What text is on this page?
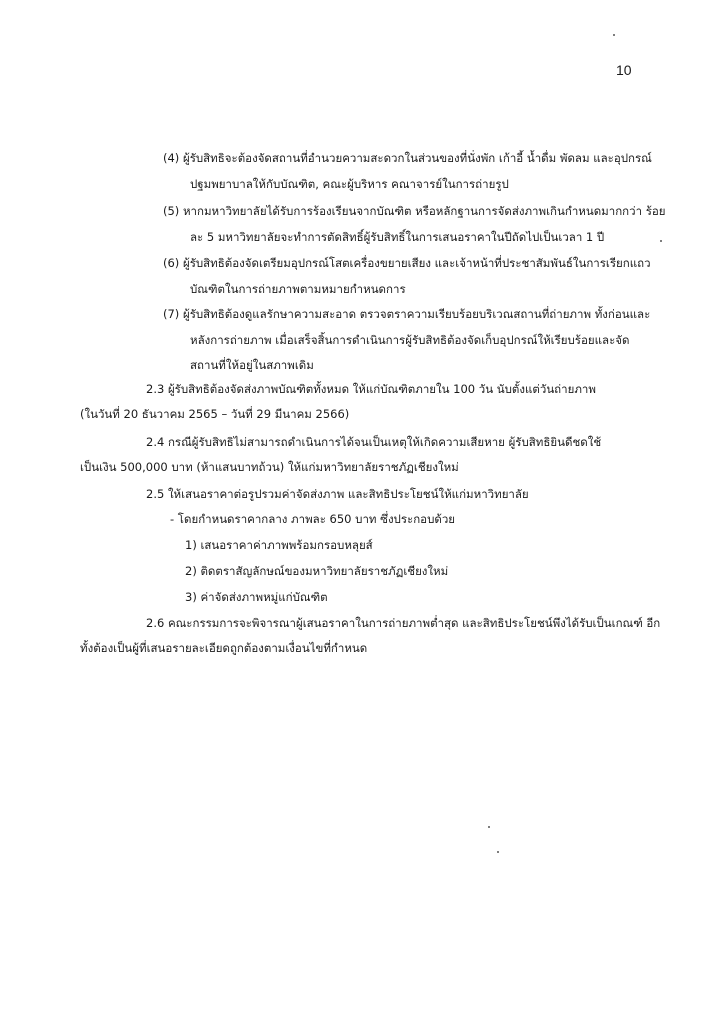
10
(4) ผู้รับสิทธิจะต้องจัดสถานที่อำนวยความสะดวกในส่วนของที่นั่งพัก เก้าอี้ น้ำดื่ม พัดลม และอุปกรณ์
ปฐมพยาบาลให้กับบัณฑิต, คณะผู้บริหาร คณาจารย์ในการถ่ายรูป
(5) หากมหาวิทยาลัยได้รับการร้องเรียนจากบัณฑิต หรือหลักฐานการจัดส่งภาพเกินกำหนดมากกว่า ร้อย
ละ 5 มหาวิทยาลัยจะทำการตัดสิทธิ์ผู้รับสิทธิ์ในการเสนอราคาในปีถัดไปเป็นเวลา 1 ปี
(6) ผู้รับสิทธิต้องจัดเตรียมอุปกรณ์โสตเครื่องขยายเสียง และเจ้าหน้าที่ประชาสัมพันธ์ในการเรียกแถว
บัณฑิตในการถ่ายภาพตามหมายกำหนดการ
(7) ผู้รับสิทธิต้องดูแลรักษาความสะอาด ตรวจตราความเรียบร้อยบริเวณสถานที่ถ่ายภาพ ทั้งก่อนและ
หลังการถ่ายภาพ เมื่อเสร็จสิ้นการดำเนินการผู้รับสิทธิต้องจัดเก็บอุปกรณ์ให้เรียบร้อยและจัด
สถานที่ให้อยู่ในสภาพเดิม
2.3 ผู้รับสิทธิต้องจัดส่งภาพบัณฑิตทั้งหมด ให้แก่บัณฑิตภายใน 100 วัน นับตั้งแต่วันถ่ายภาพ
(ในวันที่ 20 ธันวาคม 2565 – วันที่ 29 มีนาคม 2566)
2.4 กรณีผู้รับสิทธิไม่สามารถดำเนินการได้จนเป็นเหตุให้เกิดความเสียหาย ผู้รับสิทธิยินดีชดใช้
เป็นเงิน 500,000 บาท (ห้าแสนบาทถ้วน) ให้แก่มหาวิทยาลัยราชภัฏเชียงใหม่
2.5 ให้เสนอราคาต่อรูปรวมค่าจัดส่งภาพ และสิทธิประโยชน์ให้แก่มหาวิทยาลัย
- โดยกำหนดราคากลาง ภาพละ 650 บาท ซึ่งประกอบด้วย
1) เสนอราคาค่าภาพพร้อมกรอบหลุยส์
2) ติดตราสัญลักษณ์ของมหาวิทยาลัยราชภัฏเชียงใหม่
3) ค่าจัดส่งภาพหมู่แก่บัณฑิต
2.6 คณะกรรมการจะพิจารณาผู้เสนอราคาในการถ่ายภาพต่ำสุด และสิทธิประโยชน์พึงได้รับเป็นเกณฑ์ อีก
ทั้งต้องเป็นผู้ที่เสนอรายละเอียดถูกต้องตามเงื่อนไขที่กำหนด
